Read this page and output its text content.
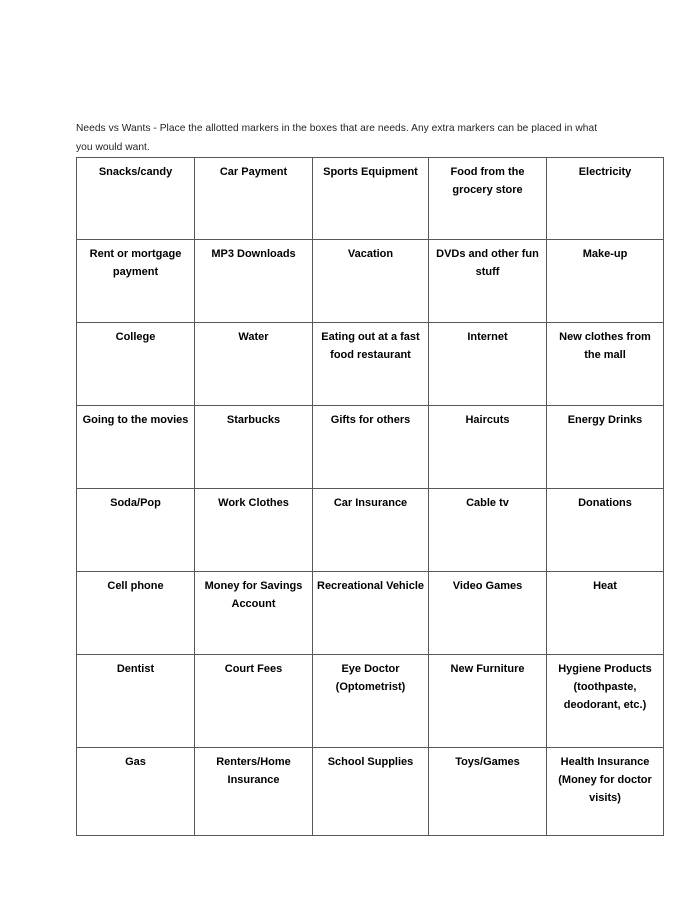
Needs vs Wants - Place the allotted markers in the boxes that are needs. Any extra markers can be placed in what you would want.

Snacks/candy	Car Payment	Sports Equipment	Food from the grocery store	Electricity

Rent or mortgage payment	MP3 Downloads	Vacation	DVDs and other fun stuff	Make-up

College	Water	Eating out at a fast food restaurant	Internet	New clothes from the mall

Going to the movies	Starbucks	Gifts for others	Haircuts	Energy Drinks

Soda/Pop	Work Clothes	Car Insurance	Cable tv	Donations

Cell phone	Money for Savings Account	Recreational Vehicle	Video Games	Heat

Dentist	Court Fees	Eye Doctor (Optometrist)	New Furniture	Hygiene Products (toothpaste, deodorant, etc.)

Gas	Renters/Home Insurance	School Supplies	Toys/Games	Health Insurance (Money for doctor visits)
